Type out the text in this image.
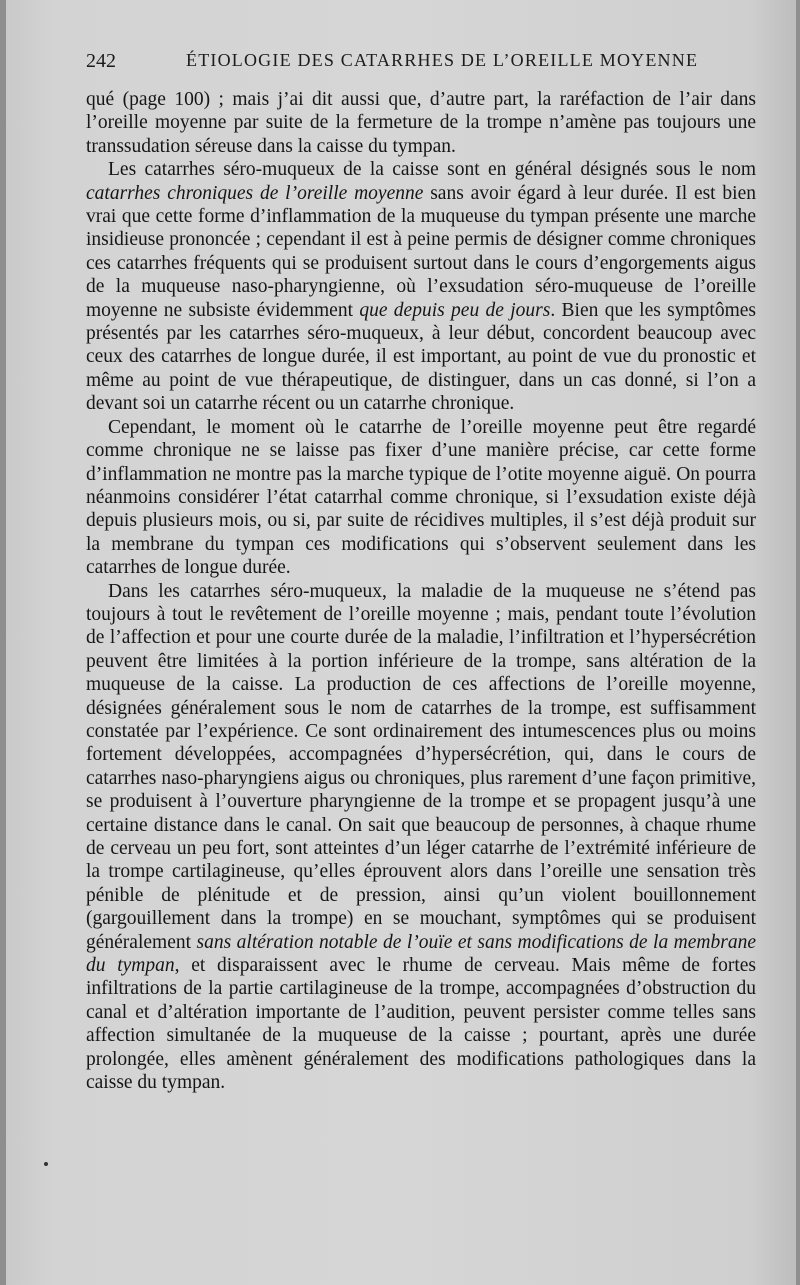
242	ÉTIOLOGIE DES CATARRHES DE L’OREILLE MOYENNE

qué (page 100) ; mais j’ai dit aussi que, d’autre part, la raréfaction de l’air dans l’oreille moyenne par suite de la fermeture de la trompe n’amène pas toujours une transsudation séreuse dans la caisse du tympan.

Les catarrhes séro-muqueux de la caisse sont en général désignés sous le nom catarrhes chroniques de l’oreille moyenne sans avoir égard à leur durée. Il est bien vrai que cette forme d’inflammation de la muqueuse du tympan présente une marche insidieuse prononcée ; cependant il est à peine permis de désigner comme chroniques ces catarrhes fréquents qui se produisent surtout dans le cours d’engorgements aigus de la muqueuse naso-pharyngienne, où l’exsudation séro-muqueuse de l’oreille moyenne ne subsiste évidemment que depuis peu de jours. Bien que les symptômes présentés par les catarrhes séro-muqueux, à leur début, concordent beaucoup avec ceux des catarrhes de longue durée, il est important, au point de vue du pronostic et même au point de vue thérapeutique, de distinguer, dans un cas donné, si l’on a devant soi un catarrhe récent ou un catarrhe chronique.

Cependant, le moment où le catarrhe de l’oreille moyenne peut être regardé comme chronique ne se laisse pas fixer d’une manière précise, car cette forme d’inflammation ne montre pas la marche typique de l’otite moyenne aiguë. On pourra néanmoins considérer l’état catarrhal comme chronique, si l’exsudation existe déjà depuis plusieurs mois, ou si, par suite de récidives multiples, il s’est déjà produit sur la membrane du tympan ces modifications qui s’observent seulement dans les catarrhes de longue durée.

Dans les catarrhes séro-muqueux, la maladie de la muqueuse ne s’étend pas toujours à tout le revêtement de l’oreille moyenne ; mais, pendant toute l’évolution de l’affection et pour une courte durée de la maladie, l’infiltration et l’hypersécrétion peuvent être limitées à la portion inférieure de la trompe, sans altération de la muqueuse de la caisse. La production de ces affections de l’oreille moyenne, désignées généralement sous le nom de catarrhes de la trompe, est suffisamment constatée par l’expérience. Ce sont ordinairement des intumescences plus ou moins fortement développées, accompagnées d’hypersécrétion, qui, dans le cours de catarrhes naso-pharyngiens aigus ou chroniques, plus rarement d’une façon primitive, se produisent à l’ouverture pharyngienne de la trompe et se propagent jusqu’à une certaine distance dans le canal. On sait que beaucoup de personnes, à chaque rhume de cerveau un peu fort, sont atteintes d’un léger catarrhe de l’extrémité inférieure de la trompe cartilagineuse, qu’elles éprouvent alors dans l’oreille une sensation très pénible de plénitude et de pression, ainsi qu’un violent bouillonnement (gargouillement dans la trompe) en se mouchant, symptômes qui se produisent généralement sans altération notable de l’ouïe et sans modifications de la membrane du tympan, et disparaissent avec le rhume de cerveau. Mais même de fortes infiltrations de la partie cartilagineuse de la trompe, accompagnées d’obstruction du canal et d’altération importante de l’audition, peuvent persister comme telles sans affection simultanée de la muqueuse de la caisse ; pourtant, après une durée prolongée, elles amènent généralement des modifications pathologiques dans la caisse du tympan.
